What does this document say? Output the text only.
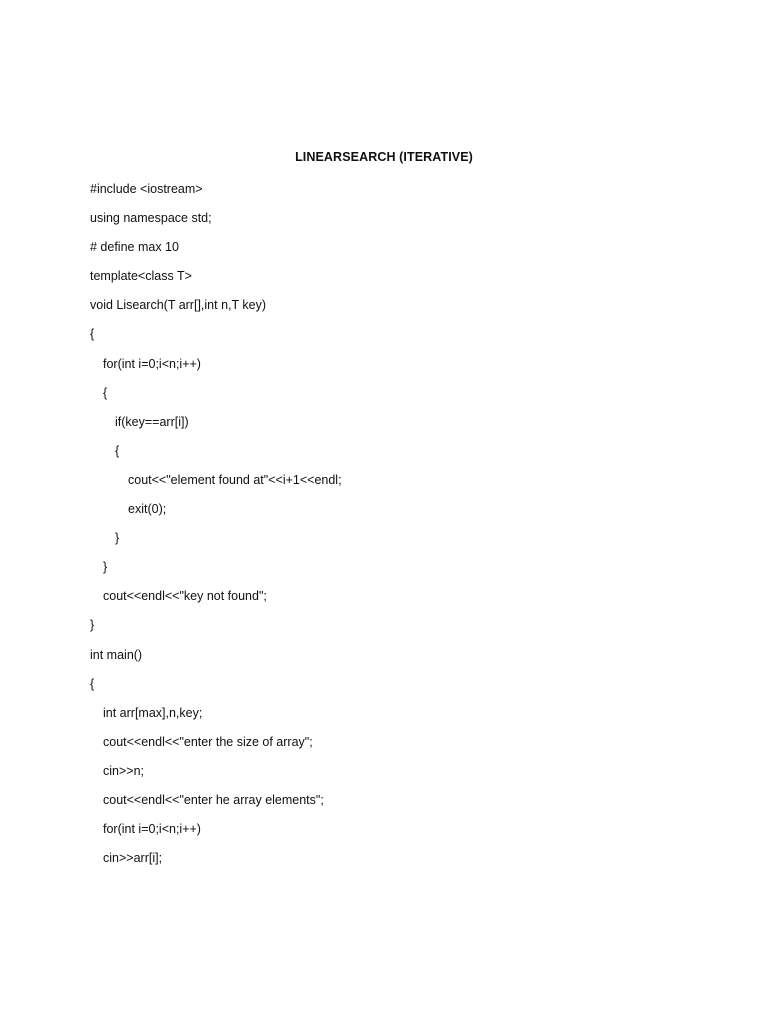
LINEARSEARCH (ITERATIVE)
#include <iostream>
using namespace std;
# define max 10
template<class T>
void Lisearch(T arr[],int n,T key)
{
for(int i=0;i<n;i++)
{
if(key==arr[i])
{
cout<<"element found at"<<i+1<<endl;
exit(0);
}
}
cout<<endl<<"key not found";
}
int main()
{
int arr[max],n,key;
cout<<endl<<"enter the size of array";
cin>>n;
cout<<endl<<"enter he array elements";
for(int i=0;i<n;i++)
cin>>arr[i];
